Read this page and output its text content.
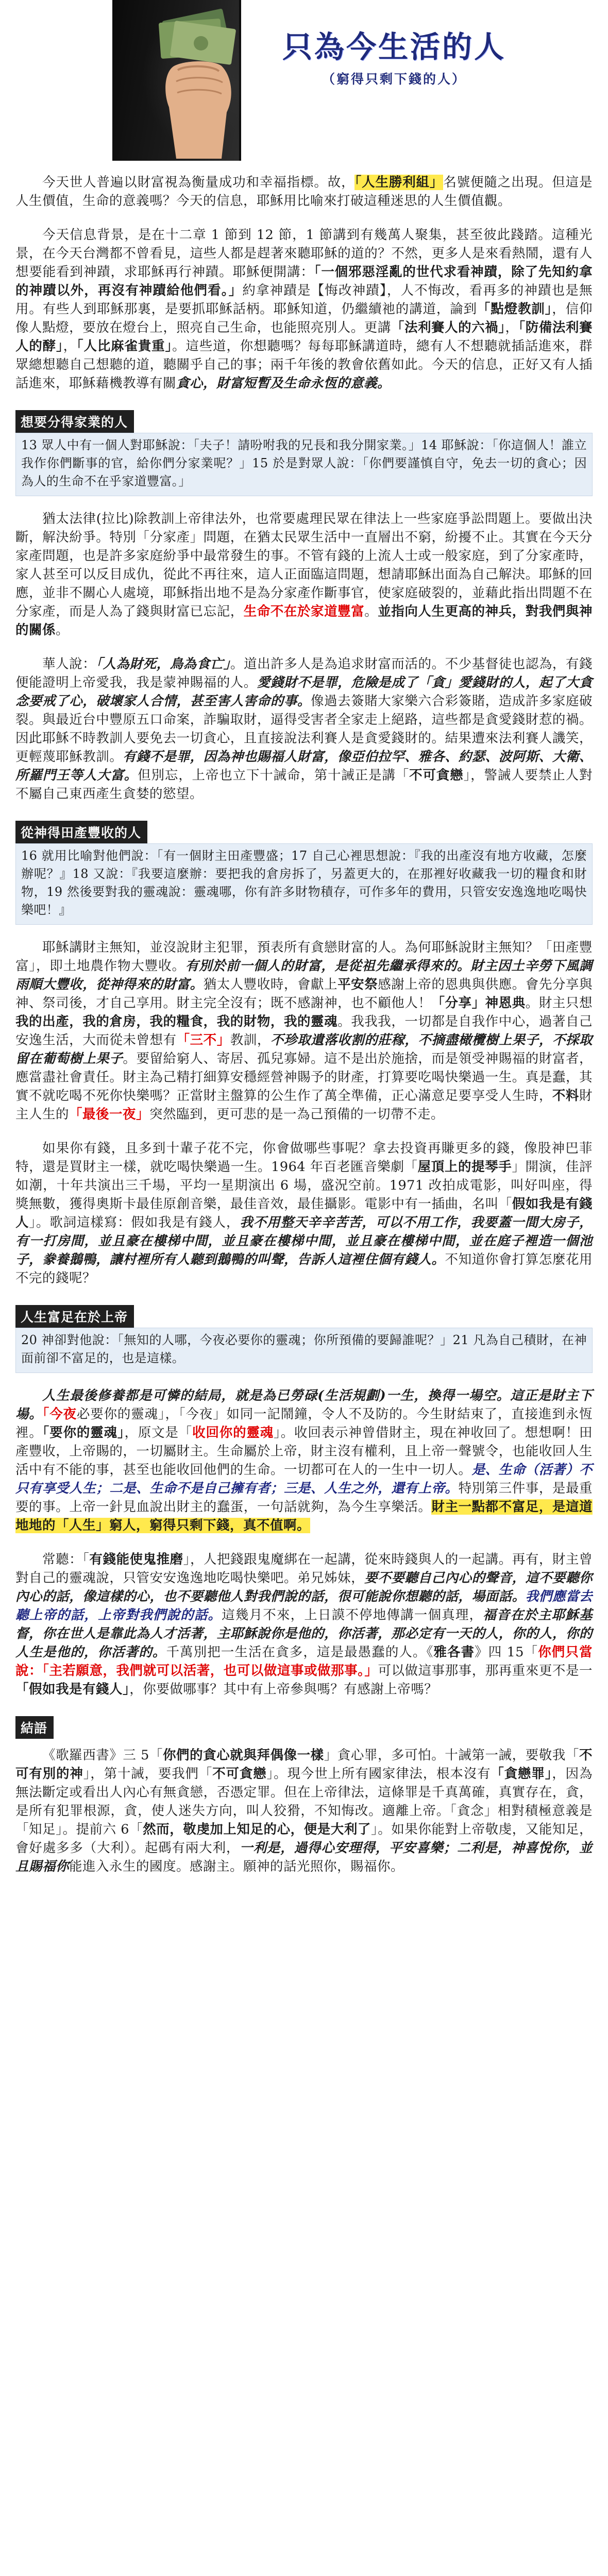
只為今生活的人
（窮得只剩下錢的人）
路加福音十二章13-21節

今天世人普遍以財富視為衡量成功和幸福指標。故，「人生勝利組」名號便隨之出現。但這是人生價值，生命的意義嗎？今天的信息，耶穌用比喻來打破這種迷思的人生價值觀。

今天信息背景，是在十二章 1 節到 12 節，1 節講到有幾萬人聚集，甚至彼此踐踏。這種光景，在今天台灣都不曾看見，這些人都是趕著來聽耶穌的道的？不然，更多人是來看熱鬧，還有人想要能看到神蹟，求耶穌再行神蹟。耶穌便開講：「一個邪惡淫亂的世代求看神蹟，除了先知約拿的神蹟以外，再沒有神蹟給他們看。」約拿神蹟是【悔改神蹟】，人不悔改，看再多的神蹟也是無用。有些人到耶穌那裏，是要抓耶穌話柄。耶穌知道，仍繼續祂的講道，論到「點燈教訓」，信仰像人點燈，要放在燈台上，照亮自己生命，也能照亮別人。更講「法利賽人的六禍」，「防備法利賽人的酵」，「人比麻雀貴重」。這些道，你想聽嗎？每每耶穌講道時，總有人不想聽就插話進來，群眾總想聽自己想聽的道，聽關乎自己的事；兩千年後的教會依舊如此。今天的信息，正好又有人插話進來，耶穌藉機教導有關貪心，財富短暫及生命永恆的意義。

想要分得家業的人
13 眾人中有一個人對耶穌說：「夫子！請吩咐我的兄長和我分開家業。」14 耶穌說：「你這個人！誰立我作你們斷事的官，給你們分家業呢？」15 於是對眾人說：「你們要謹慎自守，免去一切的貪心；因為人的生命不在乎家道豐富。」

猶太法律(拉比)除教訓上帝律法外，也常要處理民眾在律法上一些家庭爭訟問題上。要做出決斷，解決紛爭。特別「分家產」問題，在猶太民眾生活中一直層出不窮，紛擾不止。其實在今天分家產問題，也是許多家庭紛爭中最常發生的事。不管有錢的上流人士或一般家庭，到了分家產時，家人甚至可以反目成仇，從此不再往來，這人正面臨這問題，想請耶穌出面為自己解決。耶穌的回應，並非不關心人處境，耶穌指出地不是為分家產作斷事官，使家庭破裂的，並藉此指出問題不在分家產，而是人為了錢與財富已忘記，生命不在於家道豐富。並指向人生更高的神兵，對我們與神的關係。

華人說：「人為財死，鳥為食亡」。道出許多人是為追求財富而活的。不少基督徒也認為，有錢便能證明上帝愛我，我是蒙神賜福的人。愛錢財不是罪，危險是成了「貪」愛錢財的人，起了大貪念要戒了心，破壞家人合情，甚至害人害命的事。像過去簽賭大家樂六合彩簽賭，造成許多家庭破裂。與最近台中豐原五口命案，詐騙取財，逼得受害者全家走上絕路，這些都是貪愛錢財惹的禍。因此耶穌不時教訓人要免去一切貪心，且直接說法利賽人是貪愛錢財的。結果遭來法利賽人譏笑，更輕蔑耶穌教訓。有錢不是罪，因為神也賜福人財富，像亞伯拉罕、雅各、約瑟、波阿斯、大衛、所羅門王等人大富。但別忘，上帝也立下十誡命，第十誡正是講「不可貪戀」，警誡人要禁止人對不屬自己東西產生貪婪的慾望。

從神得田產豐收的人
16 就用比喻對他們說：「有一個財主田產豐盛；17 自己心裡思想說：『我的出產沒有地方收藏，怎麼辦呢？』18 又說：『我要這麼辦：要把我的倉房拆了，另蓋更大的，在那裡好收藏我一切的糧食和財物，19 然後要對我的靈魂說：靈魂哪，你有許多財物積存，可作多年的費用，只管安安逸逸地吃喝快樂吧！』

耶穌講財主無知，並沒說財主犯罪，預表所有貪戀財富的人。為何耶穌說財主無知？「田產豐富」，即土地農作物大豐收。有別於前一個人的財富，是從祖先繼承得來的。財主因土辛勞下風調雨順大豐收，從神得來的財富。猶太人豐收時，會獻上平安祭感謝上帝的恩典與供應。會先分享與神、祭司後，才自己享用。財主完全沒有；既不感謝神，也不顧他人！「分享」神恩典。財主只想我的出產，我的倉房，我的糧食，我的財物，我的靈魂。我我我，一切都是自我作中心，過著自己安逸生活，大而從未曾想有「三不」教訓，不珍取遺落收割的莊稼，不摘盡橄欖樹上果子，不採取留在葡萄樹上果子。要留給窮人、寄居、孤兒寡婦。這不是出於施捨，而是領受神賜福的財富者，應當盡社會責任。財主為己精打細算安穩經營神賜予的財產，打算要吃喝快樂過一生。真是蠢，其實不就吃喝不死你快樂嗎？正當財主盤算的公生作了萬全準備，正心滿意足要享受人生時，不料財主人生的「最後一夜」突然臨到，更可悲的是一為己預備的一切帶不走。

如果你有錢，且多到十輩子花不完，你會做哪些事呢？拿去投資再賺更多的錢，像股神巴菲特，還是買財主一樣，就吃喝快樂過一生。1964 年百老匯音樂劇「屋頂上的提琴手」開演，佳評如潮，十年共演出三千場，平均一星期演出 6 場，盛況空前。1971 改拍成電影，叫好叫座，得獎無數，獲得奧斯卡最佳原創音樂，最佳音效，最佳攝影。電影中有一插曲，名叫「假如我是有錢人」。歌詞這樣寫：假如我是有錢人，我不用整天辛辛苦苦，可以不用工作，我要蓋一間大房子，有一打房間，並且豪在樓梯中間，並且豪在樓梯中間，並且豪在樓梯中間，並在庭子裡造一個池子，豢養鵝鴨，讓村裡所有人聽到鵝鴨的叫聲，告訴人這裡住個有錢人。不知道你會打算怎麼花用不完的錢呢？

人生富足在於上帝
20 神卻對他說：「無知的人哪，今夜必要你的靈魂；你所預備的要歸誰呢？」21 凡為自己積財，在神面前卻不富足的，也是這樣。

人生最後修養都是可憐的結局，就是為已勞碌(生活規劃)一生，換得一場空。這正是財主下場。「今夜必要你的靈魂」，「今夜」如同一記鬧鐘，令人不及防的。今生財結束了，直接進到永恆裡。「要你的靈魂」，原文是「收回你的靈魂」。收回表示神曾借財主，現在神收回了。想想啊！田產豐收，上帝賜的，一切屬財主。生命屬於上帝，財主沒有權利，且上帝一聲號令，也能收回人生活中有不能的事，甚至也能收回他們的生命。一切都可在人的一生中一切人。是、生命（活著）不只有享受人生；二是、生命不是自己擁有者；三是、人生之外，還有上帝。特別第三件事，是最重要的事。上帝一針見血說出財主的蠢蛋，一句話就夠，為今生享樂活。財主一點都不富足，是這道地地的「人生」窮人，窮得只剩下錢，真不值啊。

常聽：「有錢能使鬼推磨」，人把錢跟鬼魔綁在一起講，從來時錢與人的一起講。再有，財主曾對自己的靈魂說，只管安安逸逸地吃喝快樂吧。弟兄姊妹，要不要聽自己內心的聲音，這不要聽你內心的話，像這樣的心，也不要聽他人對我們說的話，很可能說你想聽的話，場面話。我們應當去聽上帝的話，上帝對我們說的話。這幾月不來，上日謨不停地傳講一個真理，福音在於主耶穌基督，你在世人是靠此為人才活著，主耶穌說你是他的，你活著，那必定有一天的人，你的人，你的人生是他的，你活著的。千萬別把一生活在貪多，這是最愚蠢的人。《雅各書》四 15「你們只當說：「主若願意，我們就可以活著，也可以做這事或做那事。」可以做這事那事，那再重來更不是一「假如我是有錢人」，你要做哪事？其中有上帝參與嗎？有感謝上帝嗎？

結語

《歌羅西書》三 5「你們的貪心就與拜偶像一樣」貪心罪，多可怕。十誡第一誡，要敬我「不可有別的神」，第十誡，要我們「不可貪戀」。現今世上所有國家律法，根本沒有「貪戀罪」，因為無法斷定或看出人內心有無貪戀，否憑定罪。但在上帝律法，這條罪是千真萬確，真實存在，貪，是所有犯罪根源，貪，使人迷失方向，叫人狡猾，不知悔改。適離上帝。「貪念」相對積極意義是「知足」。提前六 6「然而，敬虔加上知足的心，便是大利了」。如果你能對上帝敬虔，又能知足，會好處多多（大利）。起碼有兩大利，一利是，過得心安理得，平安喜樂；二利是，神喜悅你，並且賜福你能進入永生的國度。感謝主。願神的話光照你，賜福你。
